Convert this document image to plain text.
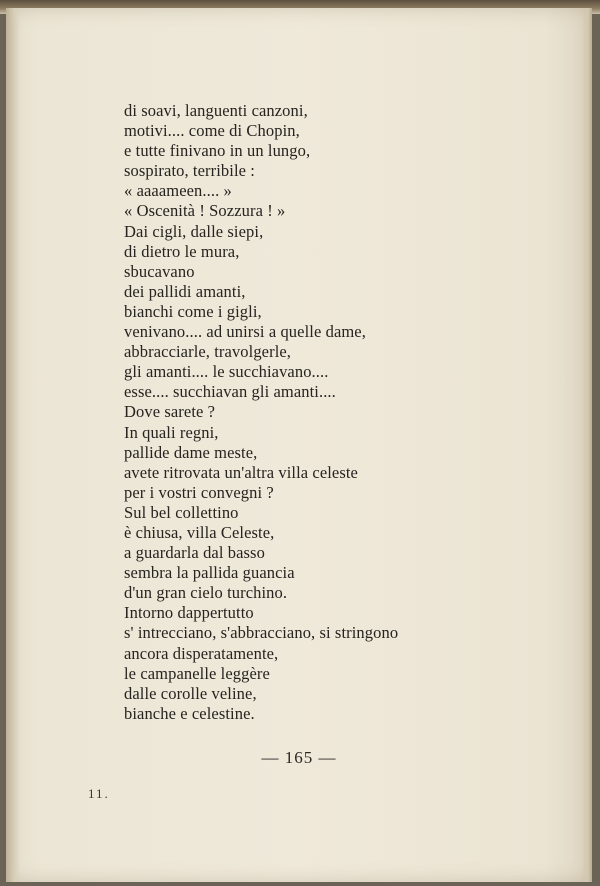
di soavi, languenti canzoni,
motivi.... come di Chopin,
e tutte finivano in un lungo,
sospirato, terribile :
« aaaameen.... »
« Oscenità ! Sozzura ! »
Dai cigli, dalle siepi,
di dietro le mura,
sbucavano
dei pallidi amanti,
bianchi come i gigli,
venivano.... ad unirsi a quelle dame,
abbracciarle, travolgerle,
gli amanti.... le succhiavano....
esse.... succhiavan gli amanti....
Dove sarete ?
In quali regni,
pallide dame meste,
avete ritrovata un'altra villa celeste
per i vostri convegni ?
Sul bel collettino
è chiusa, villa Celeste,
a guardarla dal basso
sembra la pallida guancia
d'un gran cielo turchino.
Intorno dappertutto
s' intrecciano, s'abbracciano, si stringono
ancora disperatamente,
le campanelle leggère
dalle corolle veline,
bianche e celestine.
— 165 —
11.
